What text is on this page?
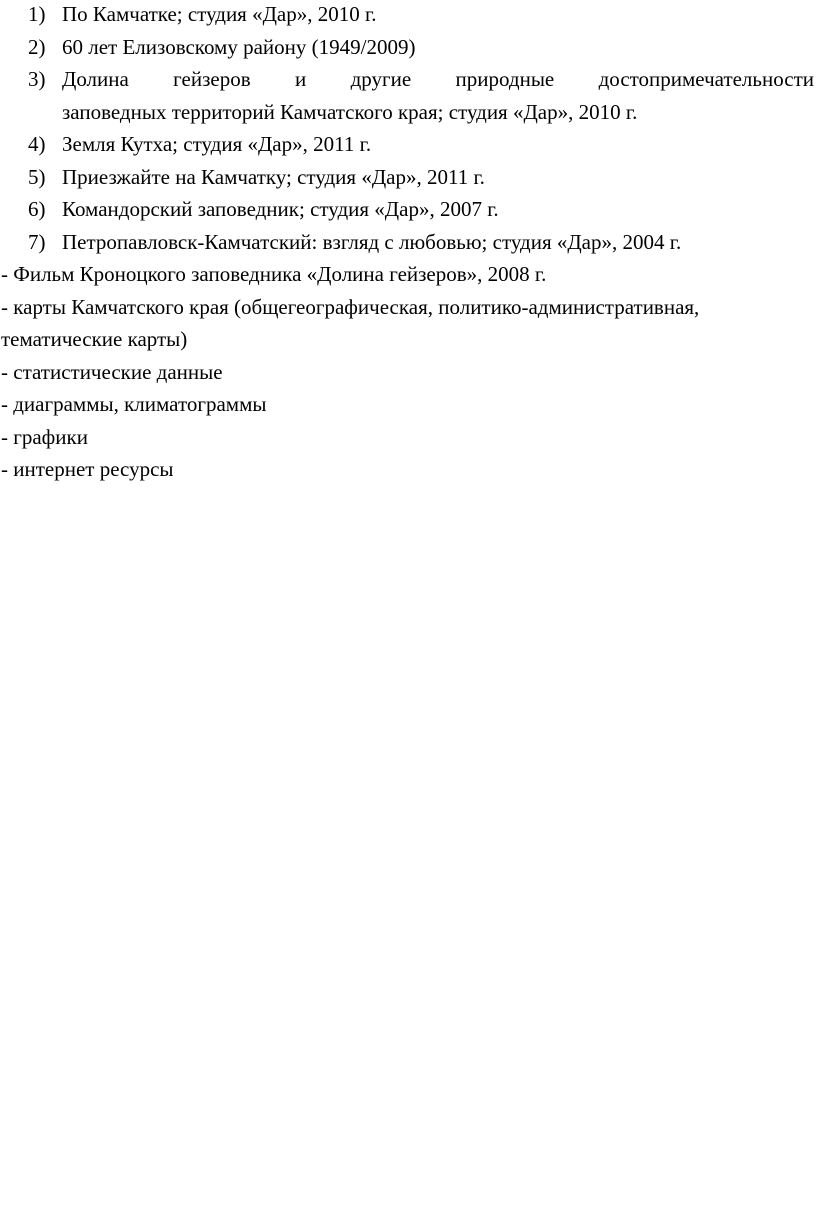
1) По Камчатке; студия «Дар», 2010 г.
2) 60 лет Елизовскому району (1949/2009)
3) Долина гейзеров и другие природные достопримечательности
заповедных территорий Камчатского края; студия «Дар», 2010 г.
4) Земля Кутха; студия «Дар», 2011 г.
5) Приезжайте на Камчатку; студия «Дар», 2011 г.
6) Командорский заповедник; студия «Дар», 2007 г.
7) Петропавловск-Камчатский: взгляд с любовью; студия «Дар», 2004 г.
- Фильм Кроноцкого заповедника «Долина гейзеров», 2008 г.
- карты Камчатского края (общегеографическая, политико-административная,
тематические карты)
- статистические данные
- диаграммы, климатограммы
- графики
- интернет ресурсы
